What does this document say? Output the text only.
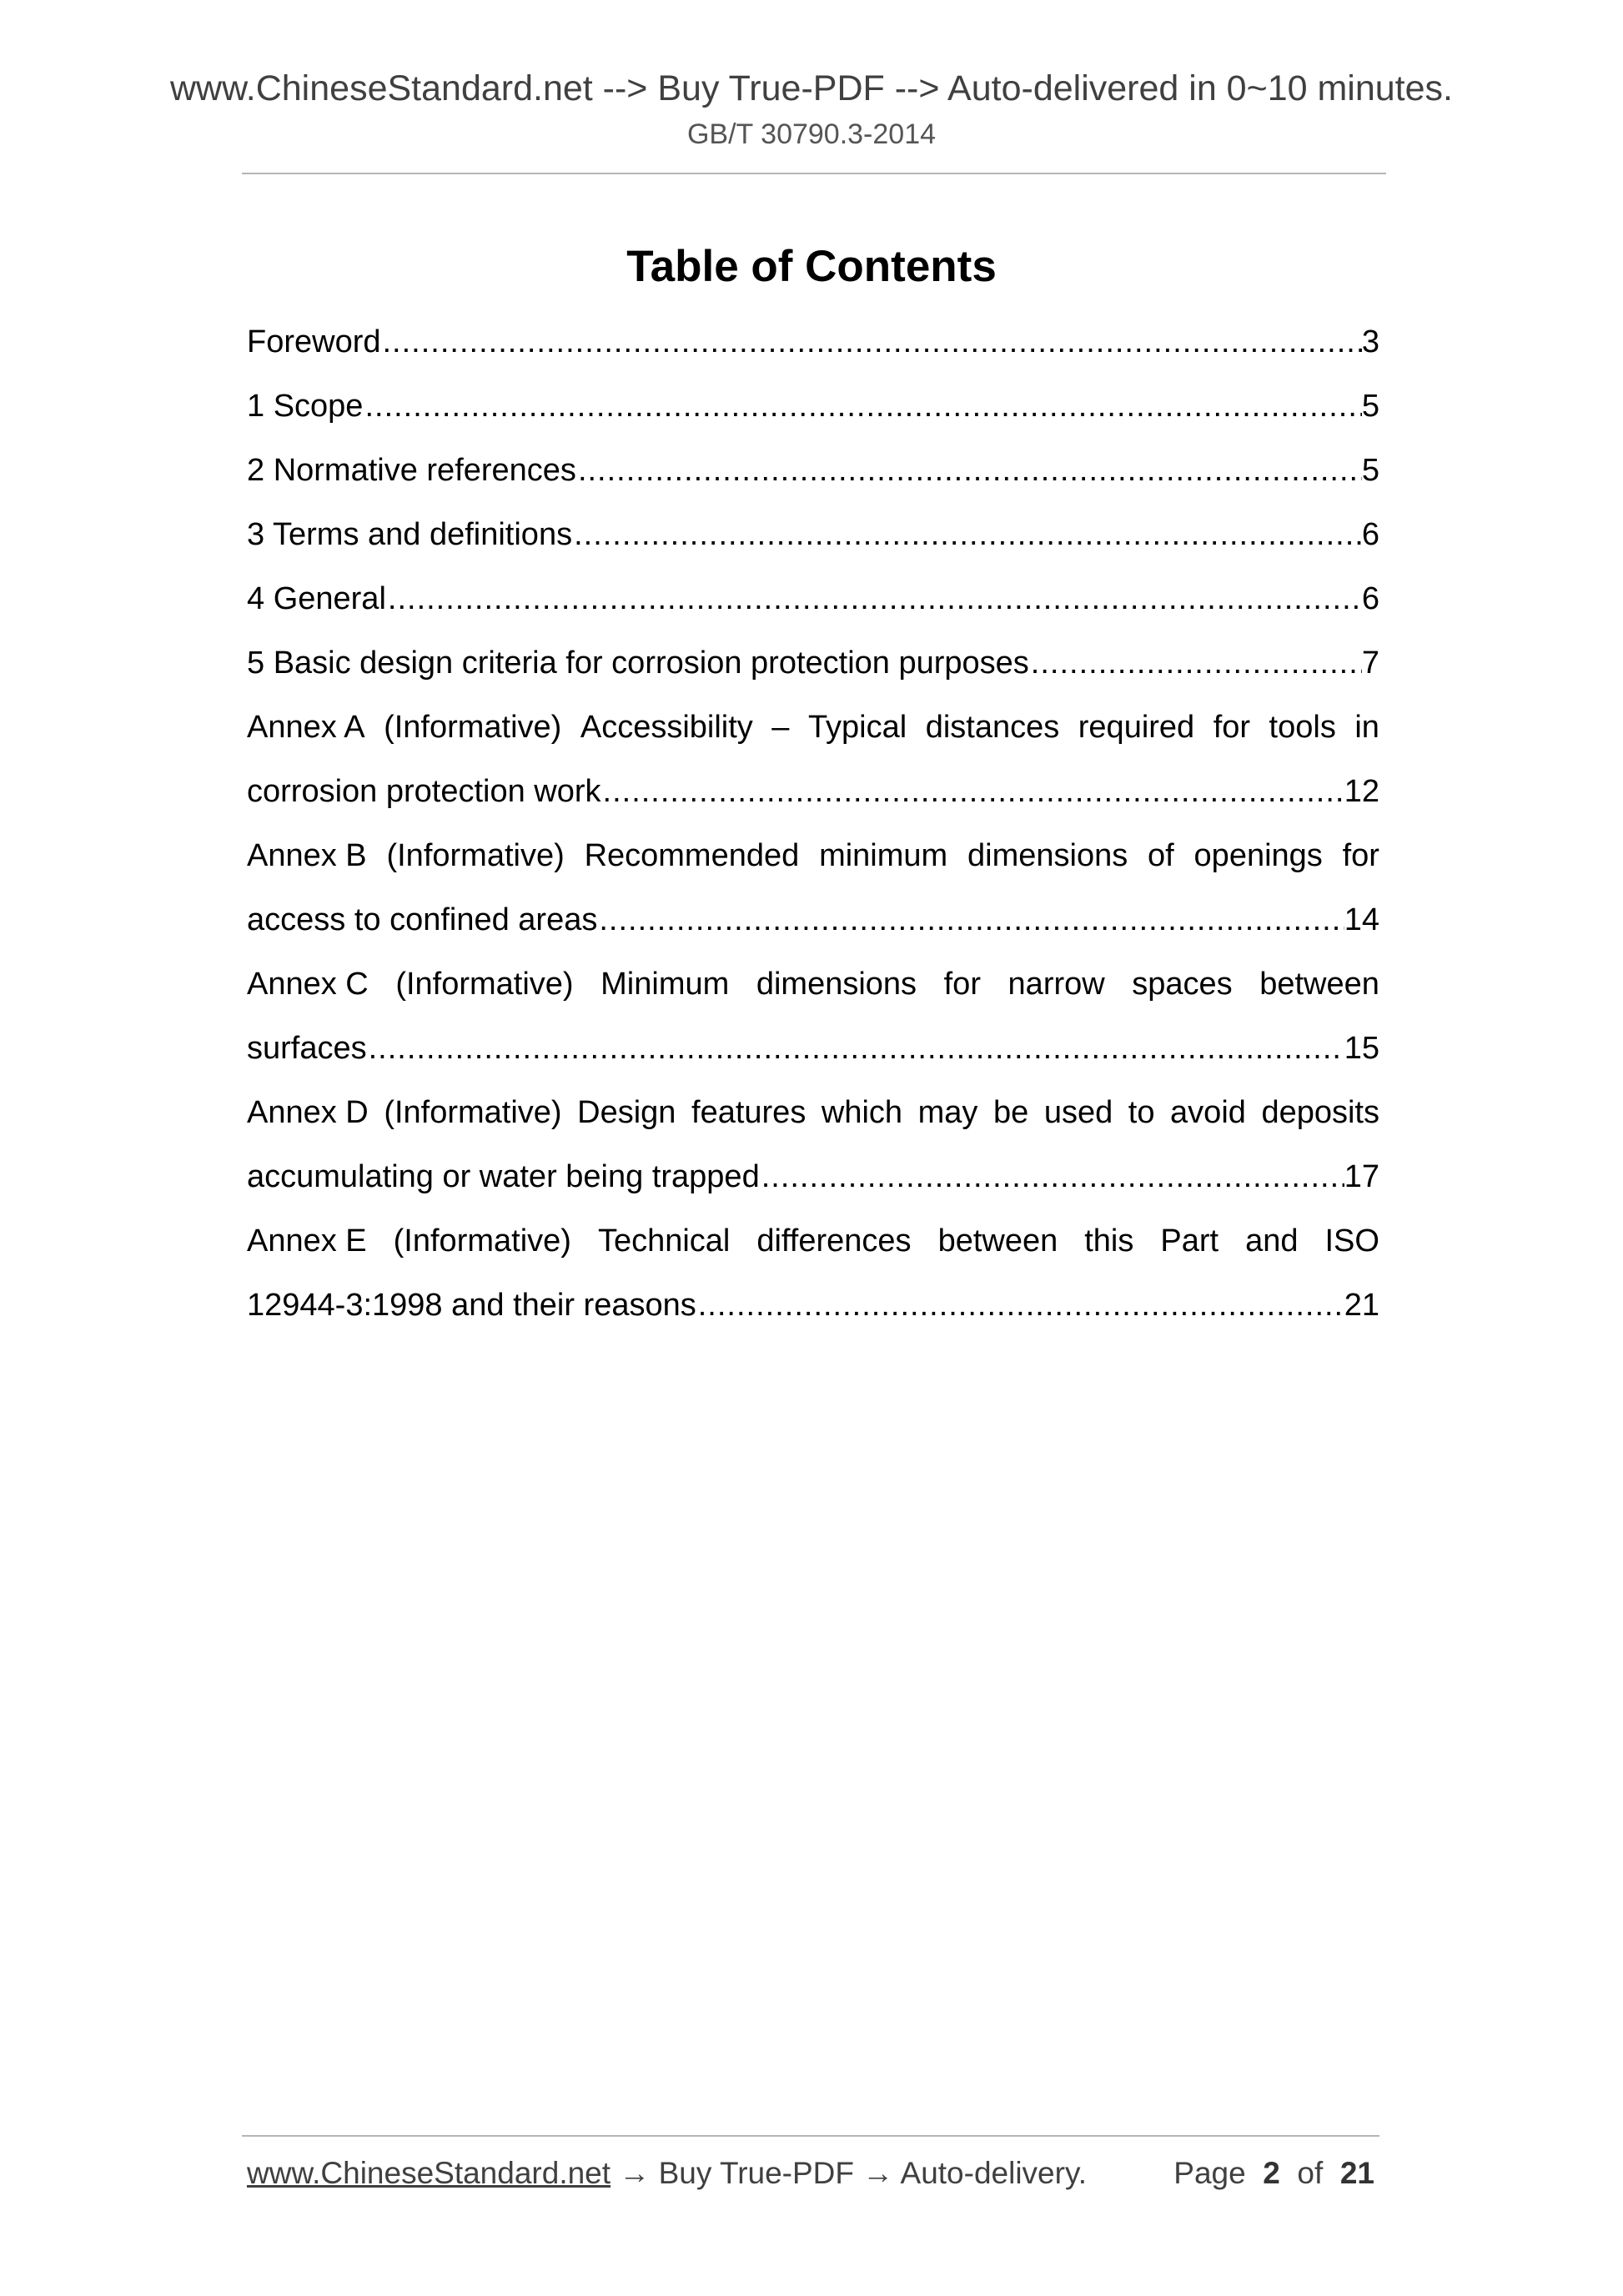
www.ChineseStandard.net --> Buy True-PDF --> Auto-delivered in 0~10 minutes.
GB/T 30790.3-2014
Table of Contents
Foreword .....	3
1 Scope .....	5
2 Normative references .....	5
3 Terms and definitions .....	6
4 General .....	6
5 Basic design criteria for corrosion protection purposes .....	7
Annex A (Informative) Accessibility – Typical distances required for tools in
corrosion protection work .....	12
Annex B (Informative) Recommended minimum dimensions of openings for
access to confined areas .....	14
Annex C (Informative) Minimum dimensions for narrow spaces between
surfaces .....	15
Annex D (Informative) Design features which may be used to avoid deposits
accumulating or water being trapped .....	17
Annex E (Informative) Technical differences between this Part and ISO
12944-3:1998 and their reasons .....	21
www.ChineseStandard.net → Buy True-PDF → Auto-delivery.	Page 2 of 21
